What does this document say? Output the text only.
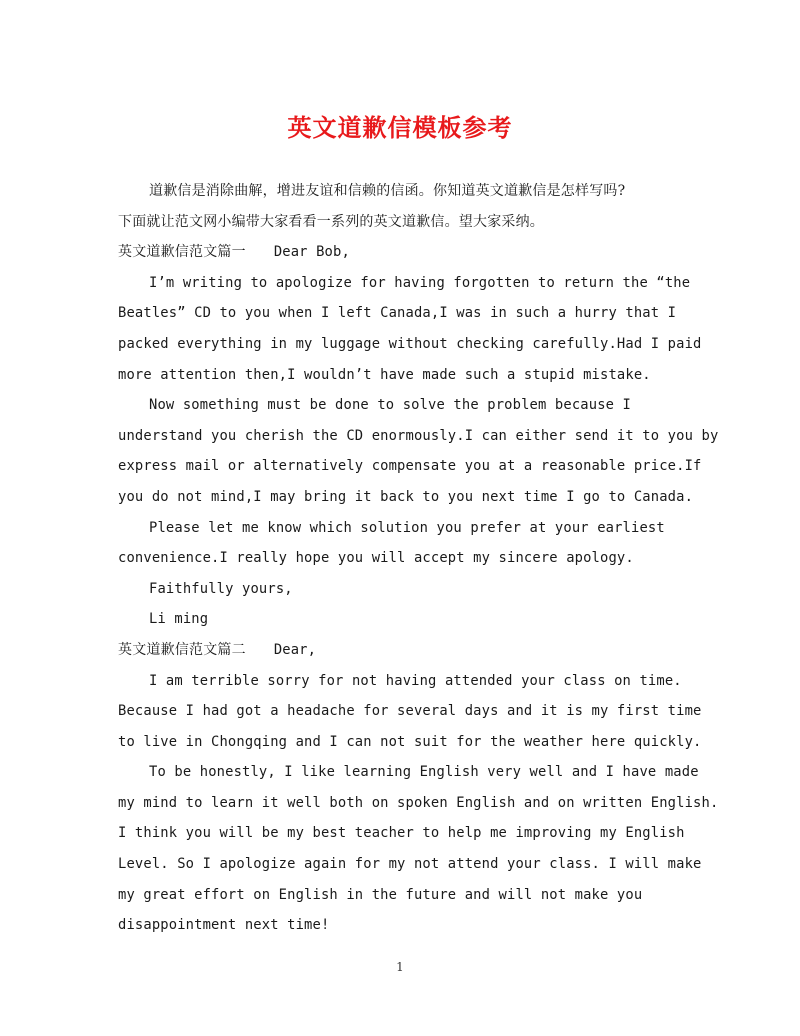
英文道歉信模板参考
道歉信是消除曲解，增进友谊和信赖的信函。你知道英文道歉信是怎样写吗?
下面就让范文网小编带大家看看一系列的英文道歉信。望大家采纳。
英文道歉信范文篇一 Dear Bob,
I’m writing to apologize for having forgotten to return the “the
Beatles” CD to you when I left Canada,I was in such a hurry that I
packed everything in my luggage without checking carefully.Had I paid
more attention then,I wouldn’t have made such a stupid mistake.
Now something must be done to solve the problem because I
understand you cherish the CD enormously.I can either send it to you by
express mail or alternatively compensate you at a reasonable price.If
you do not mind,I may bring it back to you next time I go to Canada.
Please let me know which solution you prefer at your earliest
convenience.I really hope you will accept my sincere apology.
Faithfully yours,
Li ming
英文道歉信范文篇二 Dear,
I am terrible sorry for not having attended your class on time.
Because I had got a headache for several days and it is my first time
to live in Chongqing and I can not suit for the weather here quickly.
To be honestly, I like learning English very well and I have made
my mind to learn it well both on spoken English and on written English.
I think you will be my best teacher to help me improving my English
Level. So I apologize again for my not attend your class. I will make
my great effort on English in the future and will not make you
disappointment next time!
1
